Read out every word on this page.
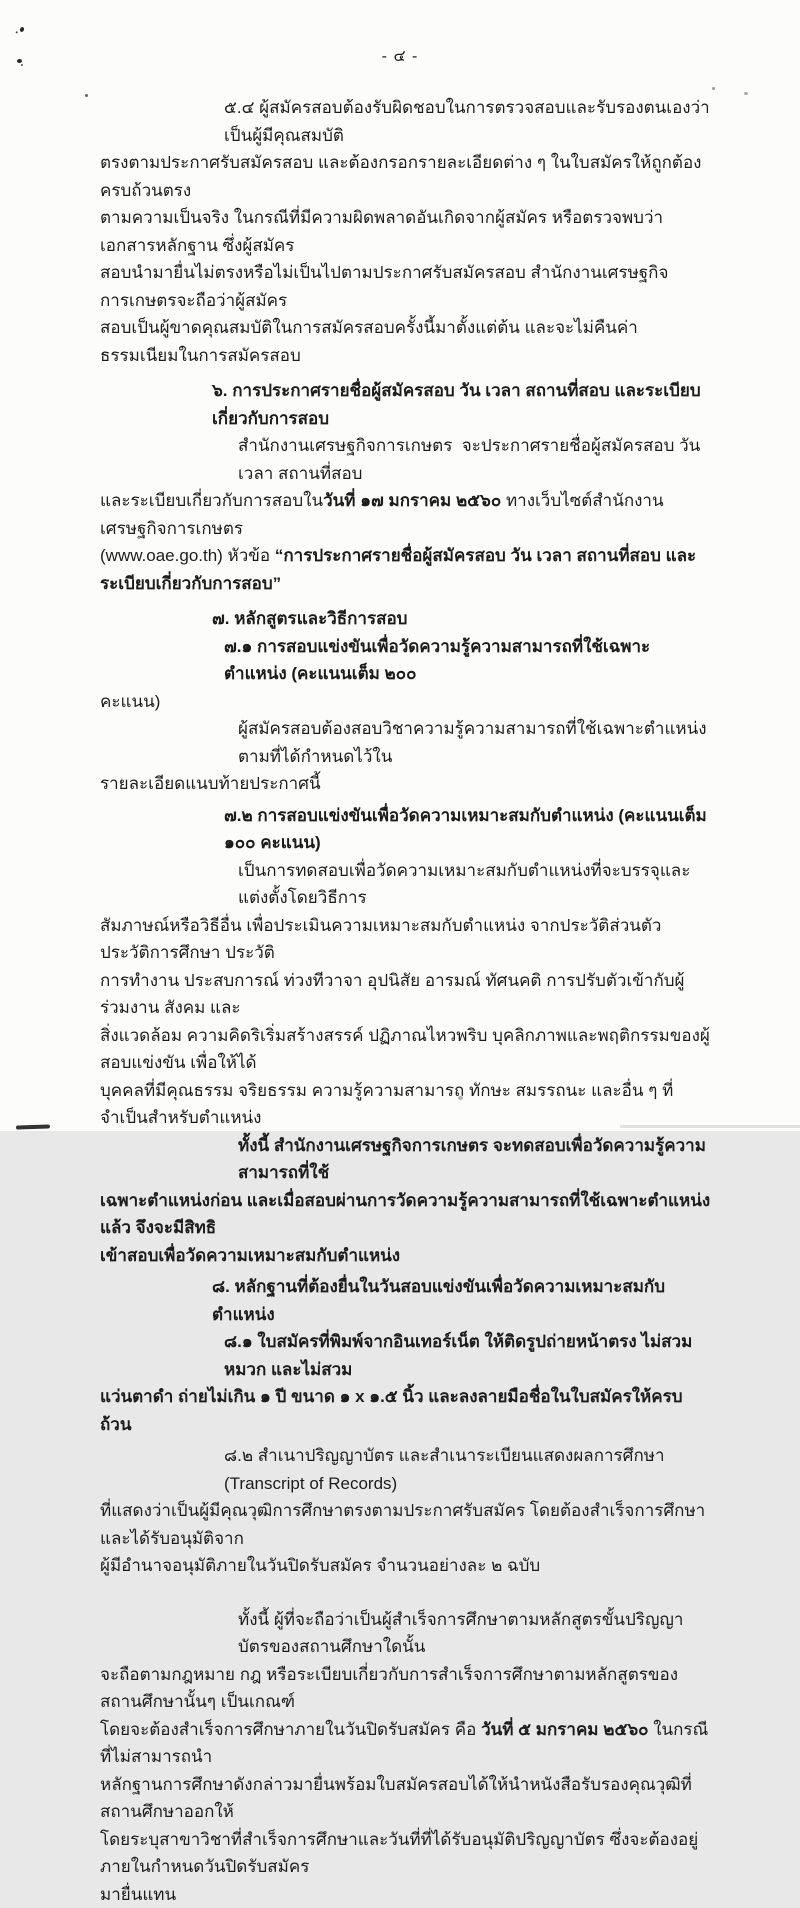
- ๔ -
๕.๔ ผู้สมัครสอบต้องรับผิดชอบในการตรวจสอบและรับรองตนเองว่า เป็นผู้มีคุณสมบัติ
ตรงตามประกาศรับสมัครสอบ และต้องกรอกรายละเอียดต่าง ๆ ในใบสมัครให้ถูกต้องครบถ้วนตรง
ตามความเป็นจริง ในกรณีที่มีความผิดพลาดอันเกิดจากผู้สมัคร หรือตรวจพบว่าเอกสารหลักฐาน ซึ่งผู้สมัคร
สอบนำมายื่นไม่ตรงหรือไม่เป็นไปตามประกาศรับสมัครสอบ สำนักงานเศรษฐกิจการเกษตรจะถือว่าผู้สมัคร
สอบเป็นผู้ขาดคุณสมบัติในการสมัครสอบครั้งนี้มาตั้งแต่ต้น และจะไม่คืนค่าธรรมเนียมในการสมัครสอบ
๖. การประกาศรายชื่อผู้สมัครสอบ วัน เวลา สถานที่สอบ และระเบียบเกี่ยวกับการสอบ
สำนักงานเศรษฐกิจการเกษตร  จะประกาศรายชื่อผู้สมัครสอบ วัน เวลา สถานที่สอบ
และระเบียบเกี่ยวกับการสอบในวันที่ ๑๗ มกราคม ๒๕๖๐ ทางเว็บไซต์สำนักงานเศรษฐกิจการเกษตร
(www.oae.go.th) หัวข้อ “การประกาศรายชื่อผู้สมัครสอบ วัน เวลา สถานที่สอบ และระเบียบเกี่ยวกับการสอบ”
๗. หลักสูตรและวิธีการสอบ
๗.๑ การสอบแข่งขันเพื่อวัดความรู้ความสามารถที่ใช้เฉพาะตำแหน่ง (คะแนนเต็ม ๒๐๐
คะแนน)
ผู้สมัครสอบต้องสอบวิชาความรู้ความสามารถที่ใช้เฉพาะตำแหน่ง ตามที่ได้กำหนดไว้ใน
รายละเอียดแนบท้ายประกาศนี้
๗.๒ การสอบแข่งขันเพื่อวัดความเหมาะสมกับตำแหน่ง (คะแนนเต็ม ๑๐๐ คะแนน)
เป็นการทดสอบเพื่อวัดความเหมาะสมกับตำแหน่งที่จะบรรจุและแต่งตั้งโดยวิธีการ
สัมภาษณ์หรือวิธีอื่น เพื่อประเมินความเหมาะสมกับตำแหน่ง จากประวัติส่วนตัว ประวัติการศึกษา ประวัติ
การทำงาน ประสบการณ์ ท่วงทีวาจา อุปนิสัย อารมณ์ ทัศนคติ การปรับตัวเข้ากับผู้ร่วมงาน สังคม และ
สิ่งแวดล้อม ความคิดริเริ่มสร้างสรรค์ ปฏิภาณไหวพริบ บุคลิกภาพและพฤติกรรมของผู้สอบแข่งขัน เพื่อให้ได้
บุคคลที่มีคุณธรรม จริยธรรม ความรู้ความสามารถ ทักษะ สมรรถนะ และอื่น ๆ ที่จำเป็นสำหรับตำแหน่ง
ทั้งนี้ สำนักงานเศรษฐกิจการเกษตร จะทดสอบเพื่อวัดความรู้ความสามารถที่ใช้
เฉพาะตำแหน่งก่อน และเมื่อสอบผ่านการวัดความรู้ความสามารถที่ใช้เฉพาะตำแหน่งแล้ว จึงจะมีสิทธิ
เข้าสอบเพื่อวัดความเหมาะสมกับตำแหน่ง
๘. หลักฐานที่ต้องยื่นในวันสอบแข่งขันเพื่อวัดความเหมาะสมกับตำแหน่ง
๘.๑ ใบสมัครที่พิมพ์จากอินเทอร์เน็ต ให้ติดรูปถ่ายหน้าตรง ไม่สวมหมวก และไม่สวม
แว่นตาดำ ถ่ายไม่เกิน ๑ ปี ขนาด ๑ x ๑.๕ นิ้ว และลงลายมือชื่อในใบสมัครให้ครบถ้วน
๘.๒ สำเนาปริญญาบัตร และสำเนาระเบียนแสดงผลการศึกษา (Transcript of Records)
ที่แสดงว่าเป็นผู้มีคุณวุฒิการศึกษาตรงตามประกาศรับสมัคร โดยต้องสำเร็จการศึกษาและได้รับอนุมัติจาก
ผู้มีอำนาจอนุมัติภายในวันปิดรับสมัคร จำนวนอย่างละ ๒ ฉบับ
ทั้งนี้ ผู้ที่จะถือว่าเป็นผู้สำเร็จการศึกษาตามหลักสูตรขั้นปริญญาบัตรของสถานศึกษาใดนั้น
จะถือตามกฎหมาย กฎ หรือระเบียบเกี่ยวกับการสำเร็จการศึกษาตามหลักสูตรของสถานศึกษานั้นๆ เป็นเกณฑ์
โดยจะต้องสำเร็จการศึกษาภายในวันปิดรับสมัคร คือ วันที่ ๕ มกราคม ๒๕๖๐ ในกรณีที่ไม่สามารถนำ
หลักฐานการศึกษาดังกล่าวมายื่นพร้อมใบสมัครสอบได้ให้นำหนังสือรับรองคุณวุฒิที่สถานศึกษาออกให้
โดยระบุสาขาวิชาที่สำเร็จการศึกษาและวันที่ที่ได้รับอนุมัติปริญญาบัตร ซึ่งจะต้องอยู่ภายในกำหนดวันปิดรับสมัคร
มายื่นแทน
